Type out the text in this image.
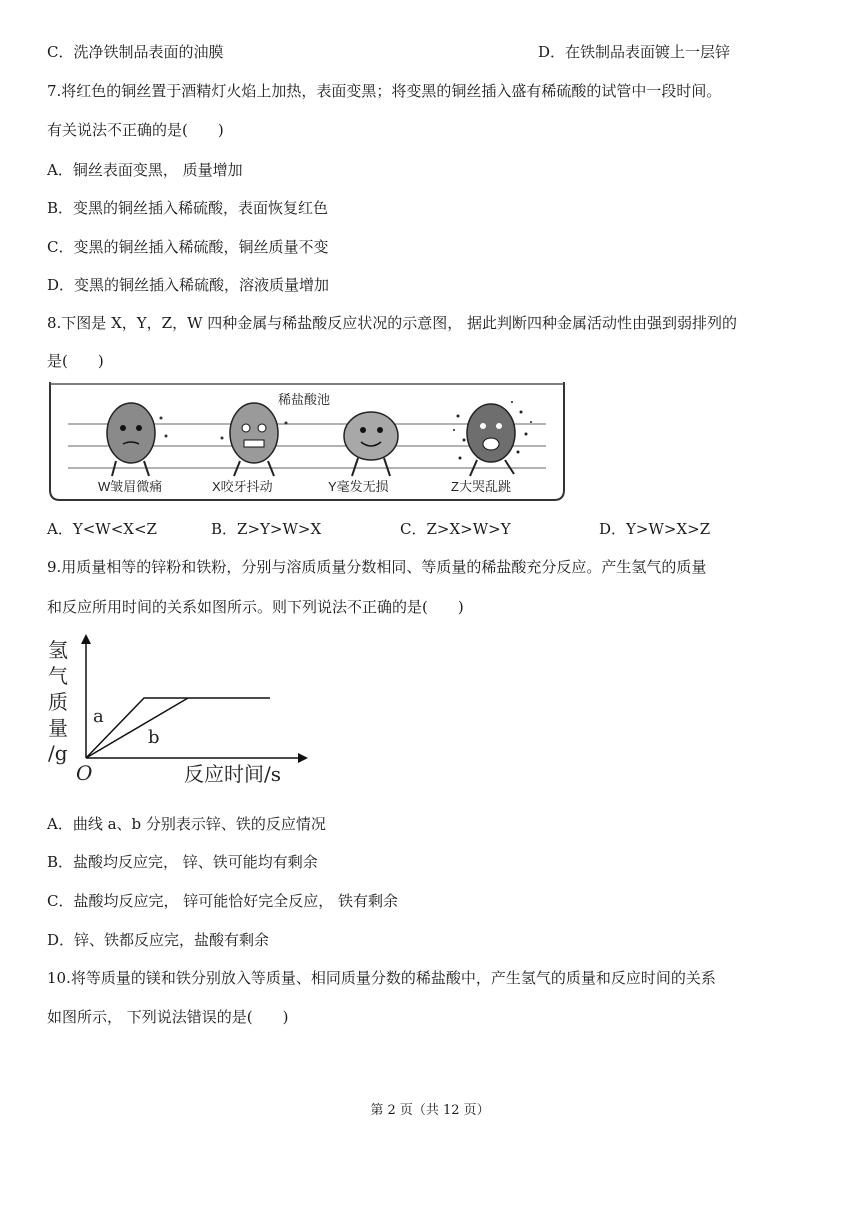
C．洗净铁制品表面的油膜	D．在铁制品表面镀上一层锌
7.将红色的铜丝置于酒精灯火焰上加热，表面变黑；将变黑的铜丝插入盛有稀硫酸的试管中一段时间。
有关说法不正确的是(　　)
A．铜丝表面变黑， 质量增加
B．变黑的铜丝插入稀硫酸，表面恢复红色
C．变黑的铜丝插入稀硫酸，铜丝质量不变
D．变黑的铜丝插入稀硫酸，溶液质量增加
8.下图是 X，Y，Z，W 四种金属与稀盐酸反应状况的示意图， 据此判断四种金属活动性由强到弱排列的
是(　　)
稀盐酸池
W皱眉微痛	X咬牙抖动	Y毫发无损	Z大哭乱跳
A．Y<W<X<Z	B．Z>Y>W>X	C．Z>X>W>Y	D．Y>W>X>Z
9.用质量相等的锌粉和铁粉，分别与溶质质量分数相同、等质量的稀盐酸充分反应。产生氢气的质量
和反应所用时间的关系如图所示。则下列说法不正确的是(　　)
氢
气
质
量
/g
a
b
O	反应时间/s
A．曲线 a、b 分别表示锌、铁的反应情况
B．盐酸均反应完， 锌、铁可能均有剩余
C．盐酸均反应完， 锌可能恰好完全反应， 铁有剩余
D．锌、铁都反应完，盐酸有剩余
10.将等质量的镁和铁分别放入等质量、相同质量分数的稀盐酸中，产生氢气的质量和反应时间的关系
如图所示， 下列说法错误的是(　　)
第 2 页（共 12 页）
